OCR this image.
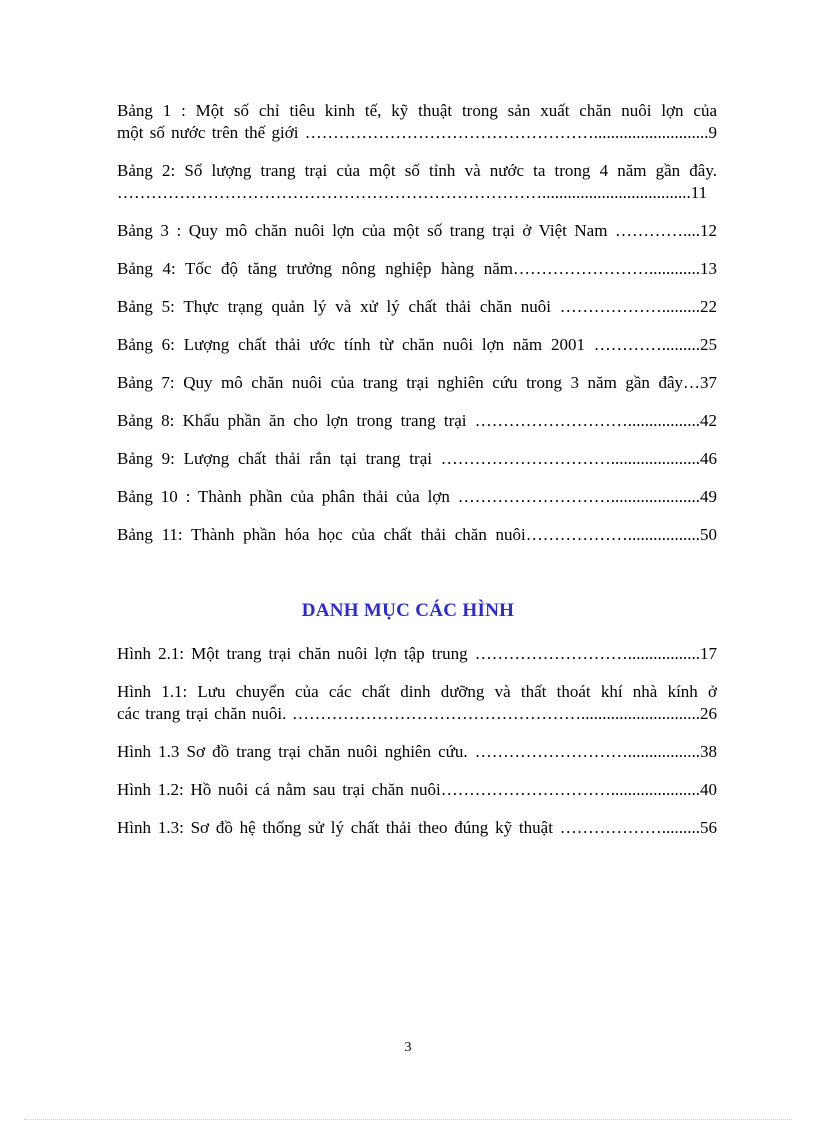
Bảng 1 : Một số chỉ tiêu kinh tế, kỹ thuật trong sản xuất chăn nuôi lợn của
một số nước trên thế giới ……………………………………………...........................9
Bảng 2: Số lượng trang trại của một số tỉnh và nước ta trong 4 năm gần đây.
…………………………………………………………………...................................11
Bảng 3 : Quy mô chăn nuôi lợn của một số trang trại ở Việt Nam …………....12
Bảng 4: Tốc độ tăng trưởng nông nghiệp hàng năm……………………............13
Bảng 5: Thực trạng quản lý và xử lý chất thải chăn nuôi ……………….........22
Bảng 6: Lượng chất thải ước tính từ chăn nuôi lợn năm 2001 ………….........25
Bảng 7: Quy mô chăn nuôi của trang trại nghiên cứu trong 3 năm gần đây…37
Bảng 8: Khẩu phần ăn cho lợn trong trang trại ……………………….................42
Bảng 9: Lượng chất thải rắn tại trang trại ………………………….....................46
Bảng 10 : Thành phần của phân thải của lợn ……………………….....................49
Bảng 11: Thành phần hóa học của chất thải chăn nuôi……………….................50
DANH MỤC CÁC HÌNH
Hình 2.1: Một trang trại chăn nuôi lợn tập trung ……………………….................17
Hình 1.1: Lưu chuyển của các chất dinh dưỡng và thất thoát khí nhà kính ở
các trang trại chăn nuôi. ……………………………………………............................26
Hình 1.3 Sơ đồ trang trại chăn nuôi nghiên cứu. ……………………….................38
Hình 1.2: Hồ nuôi cá nằm sau trại chăn nuôi………………………….....................40
Hình 1.3: Sơ đồ hệ thống sử lý chất thải theo đúng kỹ thuật ……………….........56
3
